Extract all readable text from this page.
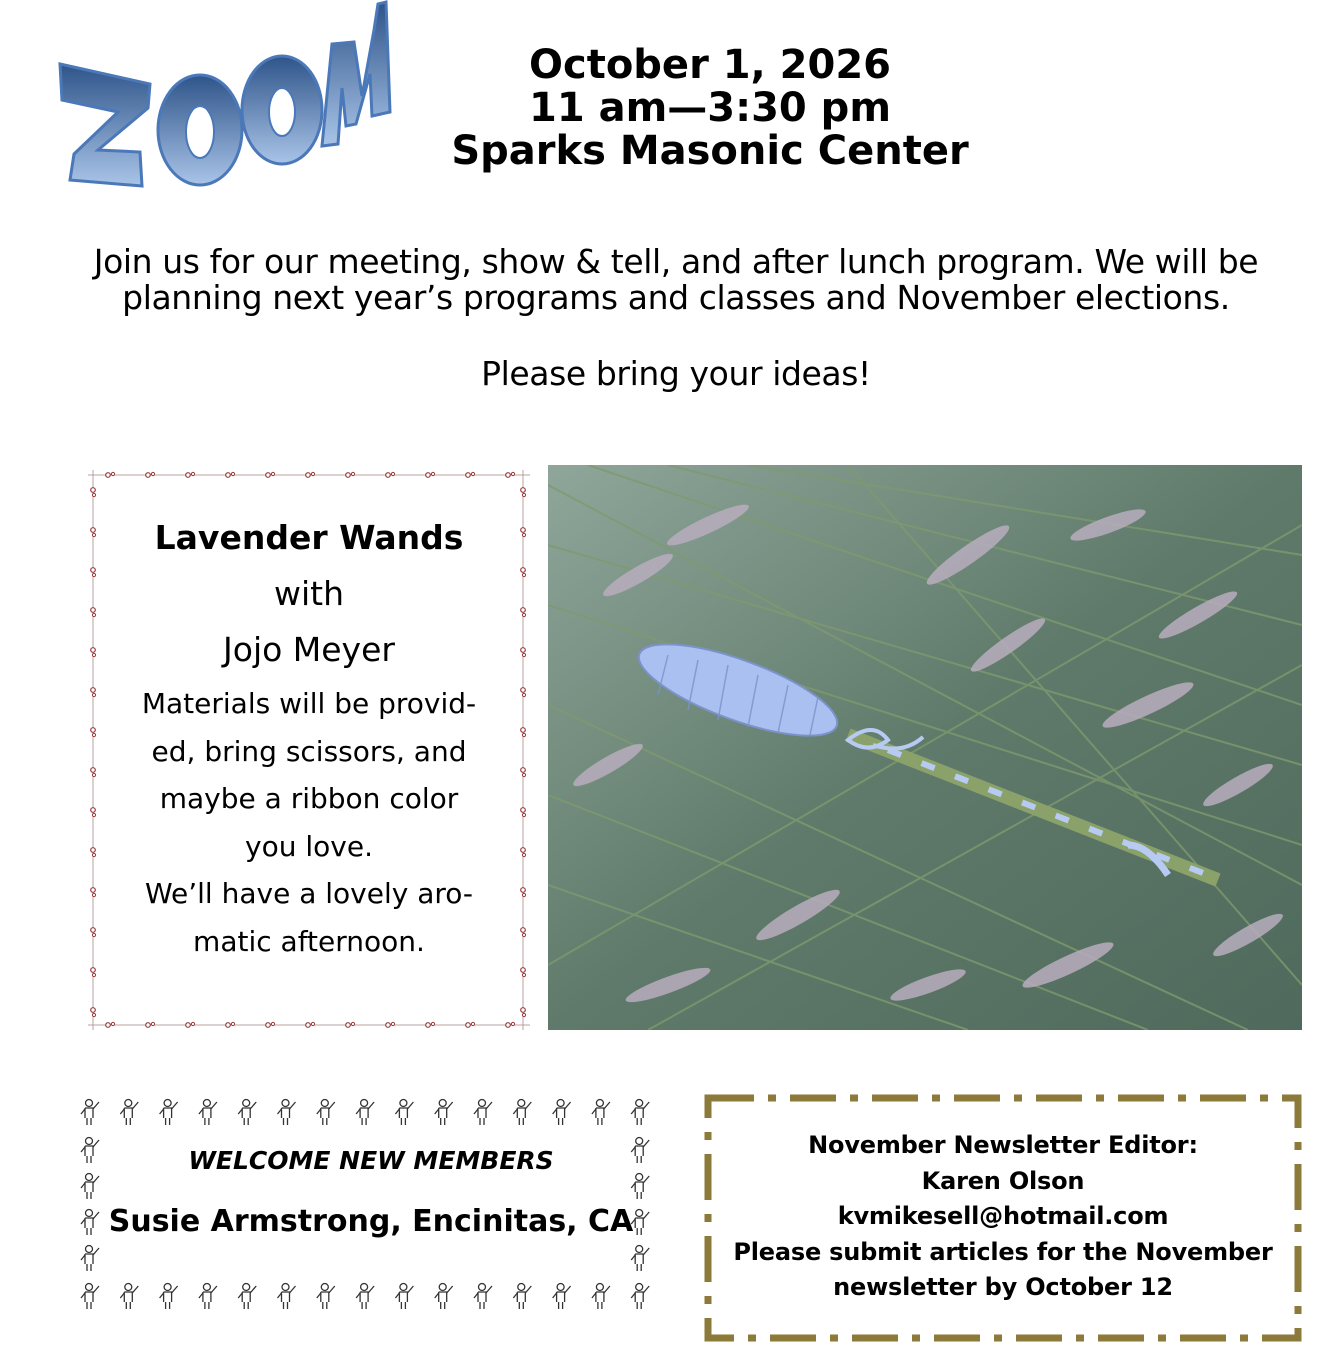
October 1, 2026
11 am—3:30 pm
Sparks Masonic Center
Join us for our meeting, show & tell, and after lunch program. We will be planning next year’s programs and classes and November elections.
Please bring your ideas!
Lavender Wands
with
Jojo Meyer
Materials will be provid-
ed, bring scissors, and
maybe a ribbon color
you love.
We’ll have a lovely aro-
matic afternoon.
WELCOME NEW MEMBERS
Susie Armstrong, Encinitas, CA
November Newsletter Editor:
Karen Olson
kvmikesell@hotmail.com
Please submit articles for the November
newsletter by October 12
